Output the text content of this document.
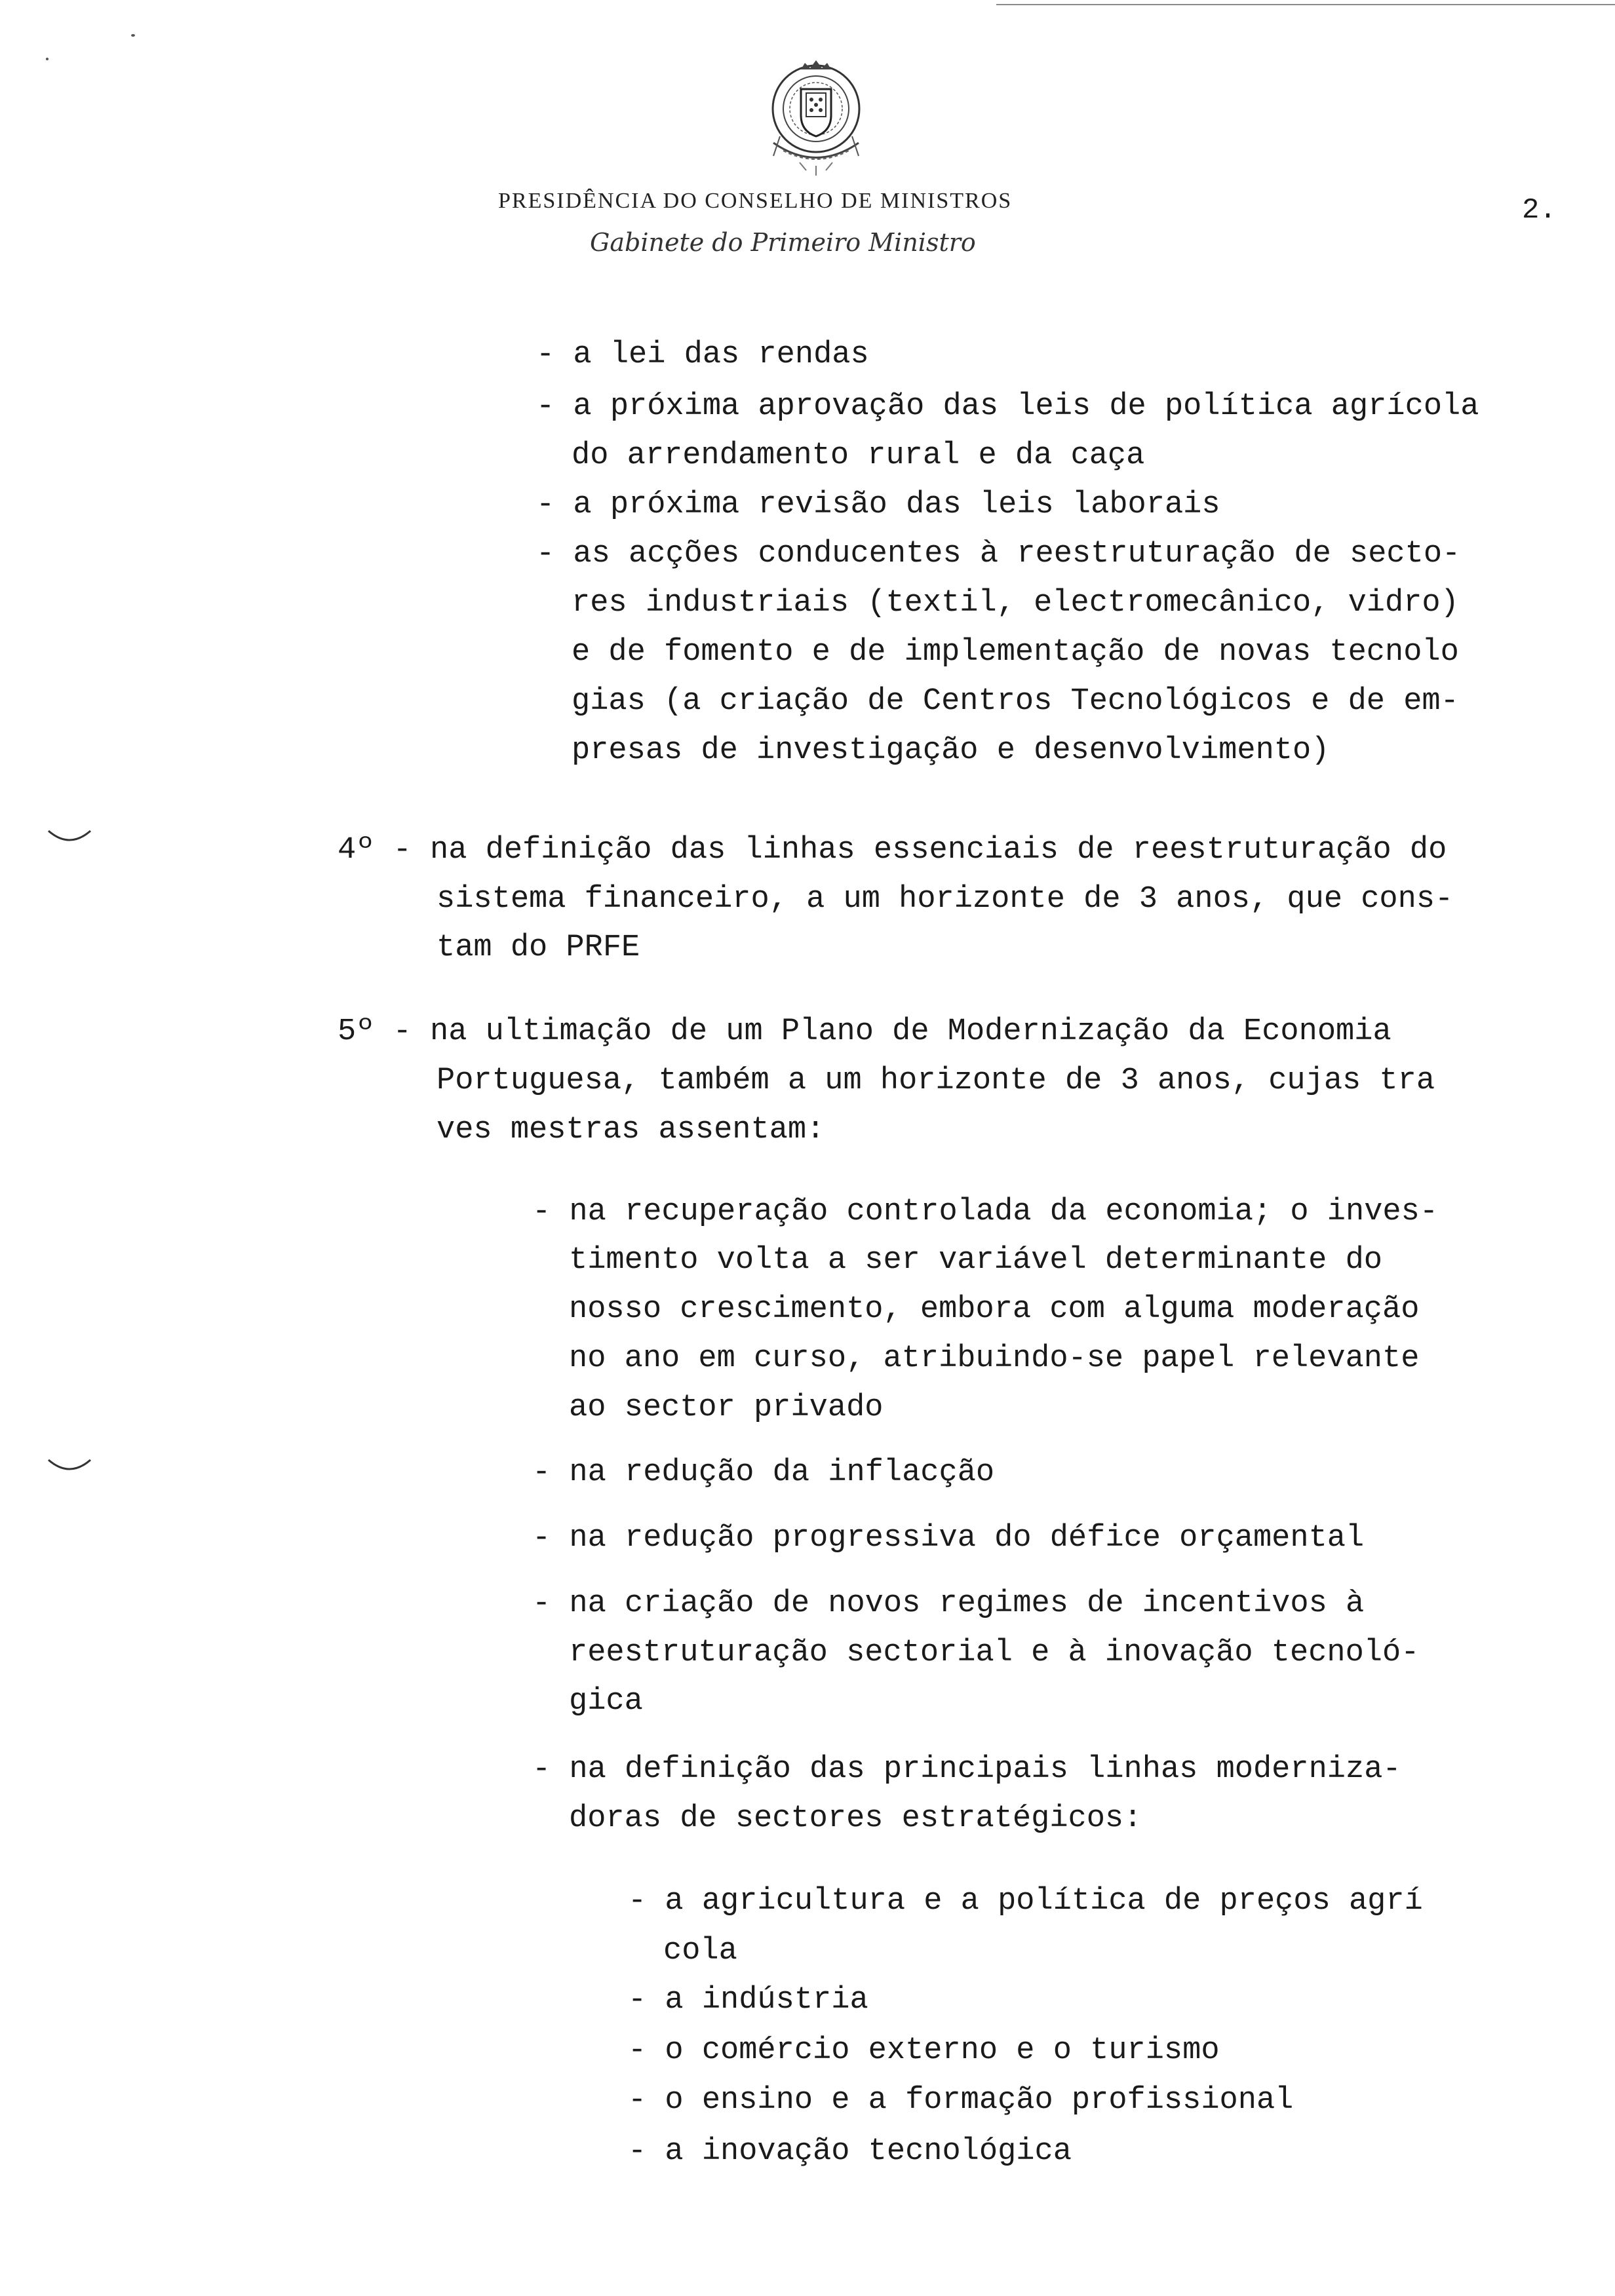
PRESIDÊNCIA DO CONSELHO DE MINISTROS
Gabinete do Primeiro Ministro
2.
- a lei das rendas
- a próxima aprovação das leis de política agrícola
do arrendamento rural e da caça
- a próxima revisão das leis laborais
- as acções conducentes à reestruturação de secto-
res industriais (textil, electromecânico, vidro)
e de fomento e de implementação de novas tecnolo
gias (a criação de Centros Tecnológicos e de em-
presas de investigação e desenvolvimento)
4º - na definição das linhas essenciais de reestruturação do
sistema financeiro, a um horizonte de 3 anos, que cons-
tam do PRFE
5º - na ultimação de um Plano de Modernização da Economia
Portuguesa, também a um horizonte de 3 anos, cujas tra
ves mestras assentam:
- na recuperação controlada da economia; o inves-
timento volta a ser variável determinante do
nosso crescimento, embora com alguma moderação
no ano em curso, atribuindo-se papel relevante
ao sector privado
- na redução da inflacção
- na redução progressiva do défice orçamental
- na criação de novos regimes de incentivos à
reestruturação sectorial e à inovação tecnoló-
gica
- na definição das principais linhas moderniza-
doras de sectores estratégicos:
- a agricultura e a política de preços agrí
cola
- a indústria
- o comércio externo e o turismo
- o ensino e a formação profissional
- a inovação tecnológica
